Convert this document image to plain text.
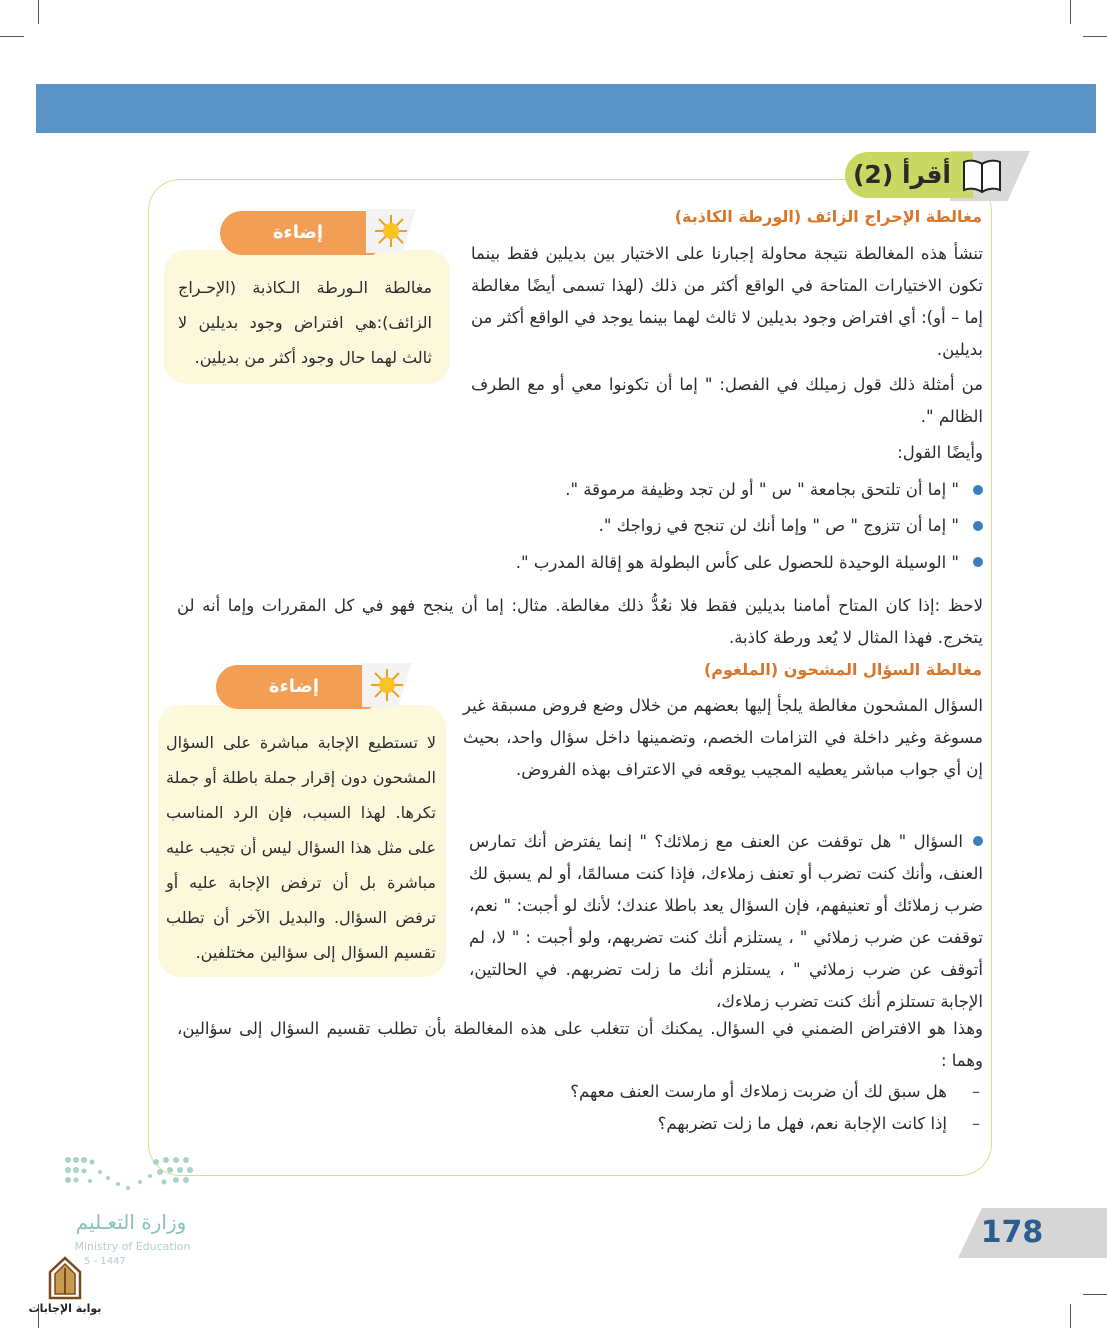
أقرأ (2)
مغالطة الإحراج الزائف (الورطة الكاذبة)
تنشأ هذه المغالطة نتيجة محاولة إجبارنا على الاختيار بين بديلين فقط بينما تكون الاختيارات المتاحة في الواقع أكثر من ذلك (لهذا تسمى أيضًا مغالطة إما – أو): أي افتراض وجود بديلين لا ثالث لهما بينما يوجد في الواقع أكثر من بديلين.
من أمثلة ذلك قول زميلك في الفصل: " إما أن تكونوا معي أو مع الطرف الظالم ".
وأيضًا القول:
" إما أن تلتحق بجامعة " س " أو لن تجد وظيفة مرموقة ".
" إما أن تتزوج " ص " وإما أنك لن تنجح في زواجك ".
" الوسيلة الوحيدة للحصول على كأس البطولة هو إقالة المدرب ".
لاحظ :إذا كان المتاح أمامنا بديلين فقط فلا نعُدُّ ذلك مغالطة. مثال: إما أن ينجح فهو في كل المقررات وإما أنه لن يتخرج. فهذا المثال لا يُعد ورطة كاذبة.
مغالطة السؤال المشحون (الملغوم)
السؤال المشحون مغالطة يلجأ إليها بعضهم من خلال وضع فروض مسبقة غير مسوغة وغير داخلة في التزامات الخصم، وتضمينها داخل سؤال واحد، بحيث إن أي جواب مباشر يعطيه المجيب يوقعه في الاعتراف بهذه الفروض.
السؤال " هل توقفت عن العنف مع زملائك؟ " إنما يفترض أنك تمارس العنف، وأنك كنت تضرب أو تعنف زملاءك، فإذا كنت مسالمًا، أو لم يسبق لك ضرب زملائك أو تعنيفهم، فإن السؤال يعد باطلا عندك؛ لأنك لو أجبت: " نعم، توقفت عن ضرب زملائي " ، يستلزم أنك كنت تضربهم، ولو أجبت : " لا، لم أتوقف عن ضرب زملائي " ، يستلزم أنك ما زلت تضربهم. في الحالتين، الإجابة تستلزم أنك كنت تضرب زملاءك،
وهذا هو الافتراض الضمني في السؤال. يمكنك أن تتغلب على هذه المغالطة بأن تطلب تقسيم السؤال إلى سؤالين، وهما :
–
هل سبق لك أن ضربت زملاءك أو مارست العنف معهم؟
–
إذا كانت الإجابة نعم، فهل ما زلت تضربهم؟
مغالطة الـورطة الـكاذبة (الإحـراج الزائف):هي افتراض وجود بديلين لا ثالث لهما حال وجود أكثر من بديلين.
إضاءة
لا تستطيع الإجابة مباشرة على السؤال المشحون دون إقرار جملة باطلة أو جملة تكرها. لهذا السبب، فإن الرد المناسب على مثل هذا السؤال ليس أن تجيب عليه مباشرة بل أن ترفض الإجابة عليه أو ترفض السؤال. والبديل الآخر أن تطلب تقسيم السؤال إلى سؤالين مختلفين.
إضاءة
وزارة التعـليم
Ministry of Education
5 - 1447
بوابة الإجابات
178
